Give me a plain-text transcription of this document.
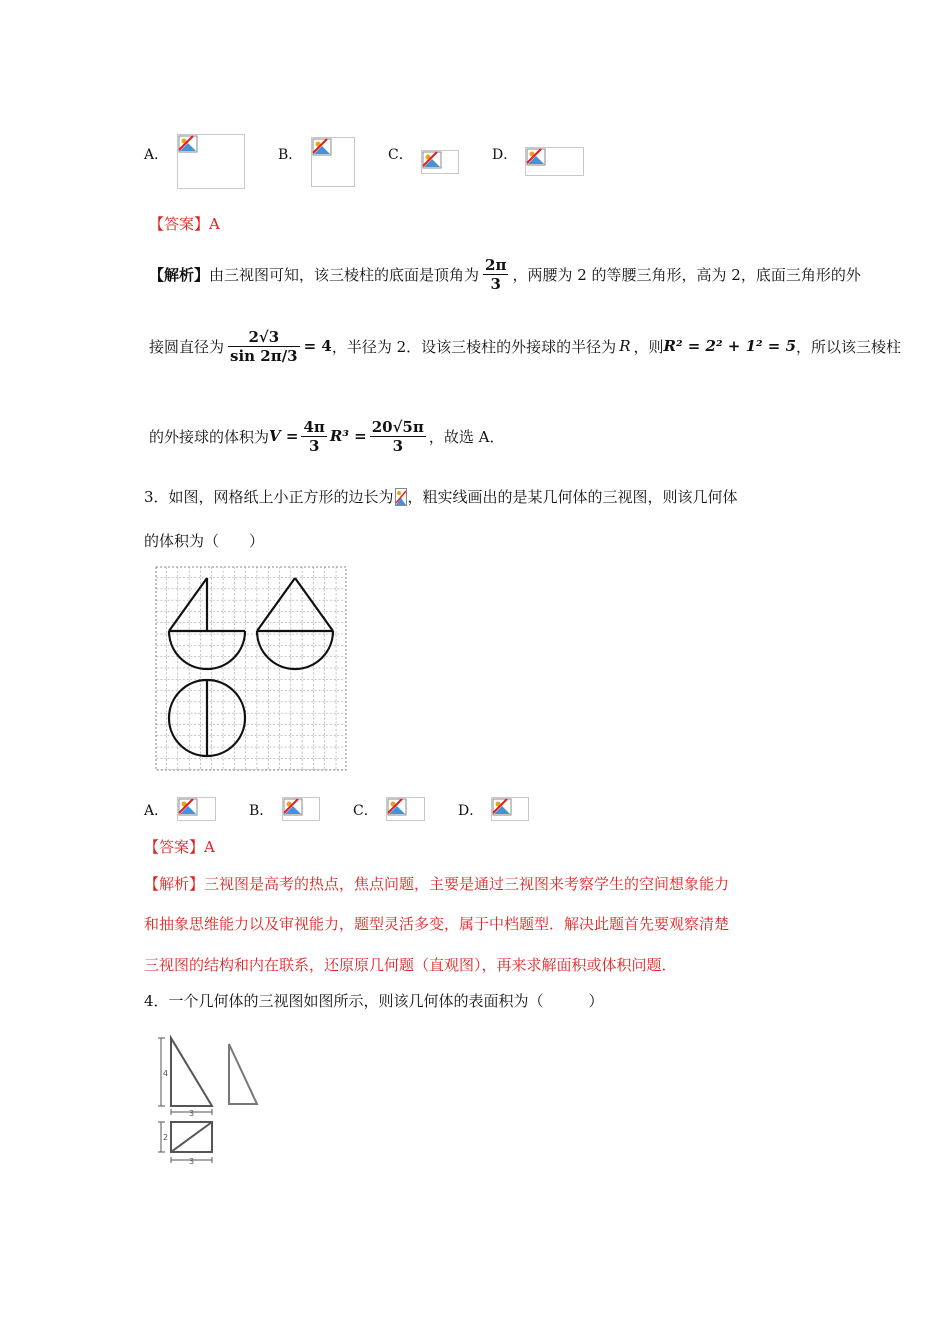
A．	B．	C．	D．
【答案】A
【解析】 由三视图可知，该三棱柱的底面是顶角为 $\frac{2\pi}{3}$ ，两腰为 2 的等腰三角形，高为 2，底面三角形的外
接圆直径为 $\frac{2√3}{\sin 2\pi/3} = 4$ ，半径为 2．设该三棱柱的外接球的半径为 R ，则 R² = 2² + 1² = 5 ，所以该三棱柱
的外接球的体积为 $V = \frac{4\pi}{3} R^3 = \frac{20√5\pi}{3}$ ，故选 A．
3．如图，网格纸上小正方形的边长为 ，粗实线画出的是某几何体的三视图，则该几何体
的体积为（　　）
A．	B．	C．	D．
【答案】A
【解析】三视图是高考的热点，焦点问题，主要是通过三视图来考察学生的空间想象能力
和抽象思维能力以及审视能力，题型灵活多变，属于中档题型．解决此题首先要观察清楚
三视图的结构和内在联系，还原原几何题（直观图），再来求解面积或体积问题．
4．一个几何体的三视图如图所示，则该几何体的表面积为（　　　）
4
3
2
3
